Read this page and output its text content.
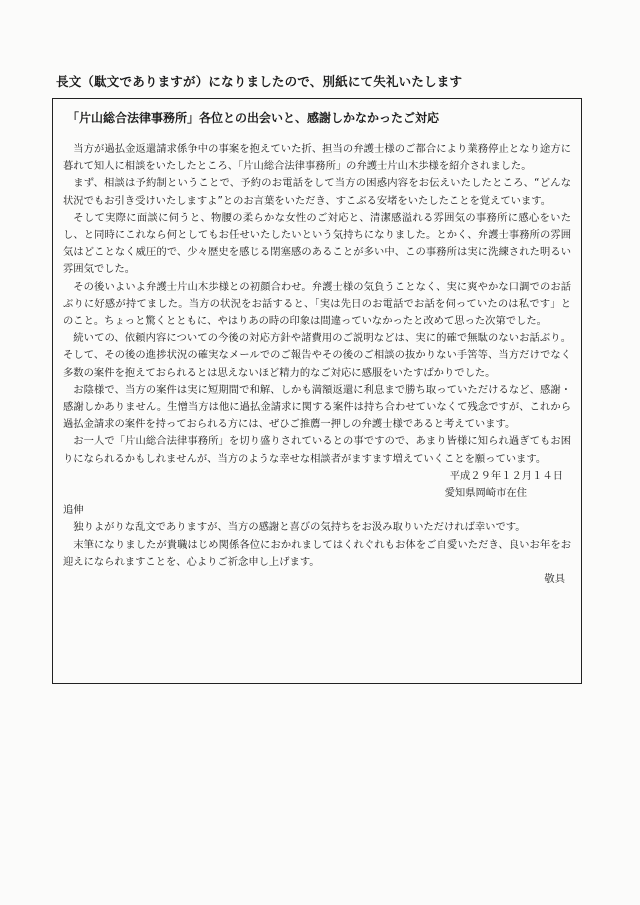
長文（駄文でありますが）になりましたので、別紙にて失礼いたします
「片山総合法律事務所」各位との出会いと、感謝しかなかったご対応

当方が過払金返還請求係争中の事案を抱えていた折、担当の弁護士様のご都合により業務停止となり途方に暮れて知人に相談をいたしたところ、「片山総合法律事務所」の弁護士片山木歩様を紹介されました。

まず、相談は予約制ということで、予約のお電話をして当方の困惑内容をお伝えいたしたところ、“どんな状況でもお引き受けいたしますよ”とのお言葉をいただき、すこぶる安堵をいたしたことを覚えています。

そして実際に面談に伺うと、物腰の柔らかな女性のご対応と、清潔感溢れる雰囲気の事務所に感心をいたし、と同時にこれなら何としてもお任せいたしたいという気持ちになりました。とかく、弁護士事務所の雰囲気はどことなく威圧的で、少々歴史を感じる閉塞感のあることが多い中、この事務所は実に洗練された明るい雰囲気でした。

その後いよいよ弁護士片山木歩様との初顔合わせ。弁護士様の気負うことなく、実に爽やかな口調でのお話ぶりに好感が持てました。当方の状況をお話すると、「実は先日のお電話でお話を伺っていたのは私です」とのこと。ちょっと驚くとともに、やはりあの時の印象は間違っていなかったと改めて思った次第でした。

続いての、依頼内容についての今後の対応方針や諸費用のご説明などは、実に的確で無駄のないお話ぶり。そして、その後の進捗状況の確実なメールでのご報告やその後のご相談の抜かりない手筈等、当方だけでなく多数の案件を抱えておられるとは思えないほど精力的なご対応に感服をいたすばかりでした。

お陰様で、当方の案件は実に短期間で和解、しかも満額返還に利息まで勝ち取っていただけるなど、感謝・感謝しかありません。生憎当方は他に過払金請求に関する案件は持ち合わせていなくて残念ですが、これから過払金請求の案件を持っておられる方には、ぜひご推薦一押しの弁護士様であると考えています。

お一人で「片山総合法律事務所」を切り盛りされているとの事ですので、あまり皆様に知られ過ぎてもお困りになられるかもしれませんが、当方のような幸せな相談者がますます増えていくことを願っています。

平成２９年１２月１４日

愛知県岡崎市在住

追伸

独りよがりな乱文でありますが、当方の感謝と喜びの気持ちをお汲み取りいただければ幸いです。

末筆になりましたが貴職はじめ関係各位におかれましてはくれぐれもお体をご自愛いただき、良いお年をお迎えになられますことを、心よりご祈念申し上げます。

敬具
